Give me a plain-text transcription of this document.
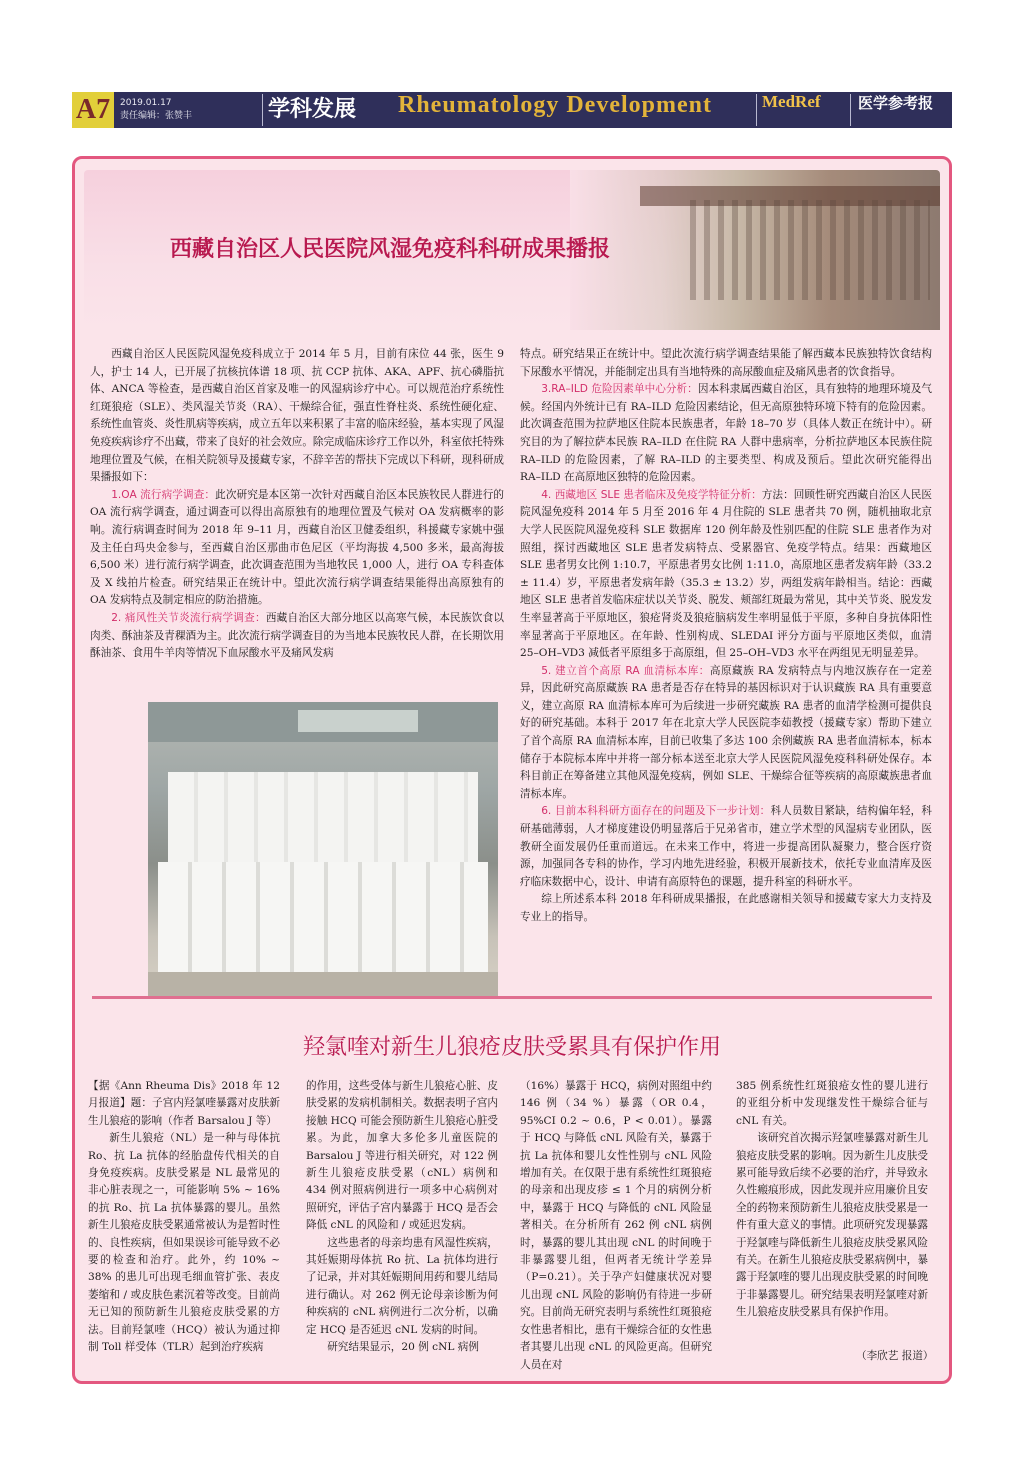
A7	2019.01.17
责任编辑：张赞丰	学科发展 Rheumatology Development	MedRef 医学参考报
西藏自治区人民医院风湿免疫科科研成果播报

西藏自治区人民医院风湿免疫科成立于 2014 年 5 月，目前有床位 44 张，医生 9 人，护士 14 人，已开展了抗核抗体谱 18 项、抗 CCP 抗体、AKA、APF、抗心磷脂抗体、ANCA 等检查，是西藏自治区首家及唯一的风湿病诊疗中心。可以规范治疗系统性红斑狼疮（SLE）、类风湿关节炎（RA）、干燥综合征，强直性脊柱炎、系统性硬化症、系统性血管炎、炎性肌病等疾病，成立五年以来积累了丰富的临床经验，基本实现了风湿免疫疾病诊疗不出藏，带来了良好的社会效应。除完成临床诊疗工作以外，科室依托特殊地理位置及气候，在相关院领导及援藏专家，不辞辛苦的帮扶下完成以下科研，现科研成果播报如下：

1.OA 流行病学调查：此次研究是本区第一次针对西藏自治区本民族牧民人群进行的 OA 流行病学调查，通过调查可以得出高原独有的地理位置及气候对 OA 发病概率的影响。流行病调查时间为 2018 年 9–11 月，西藏自治区卫健委组织，科援藏专家姚中强及主任白玛央金参与，至西藏自治区那曲市色尼区（平均海拔 4,500 多米，最高海拔 6,500 米）进行流行病学调查，此次调查范围为当地牧民 1,000 人，进行 OA 专科查体及 X 线拍片检查。研究结果正在统计中。望此次流行病学调查结果能得出高原独有的 OA 发病特点及制定相应的防治措施。

2. 痛风性关节炎流行病学调查：西藏自治区大部分地区以高寒气候，本民族饮食以肉类、酥油茶及青稞酒为主。此次流行病学调查目的为当地本民族牧民人群，在长期饮用酥油茶、食用牛羊肉等情况下血尿酸水平及痛风发病

特点。研究结果正在统计中。望此次流行病学调查结果能了解西藏本民族独特饮食结构下尿酸水平情况，并能制定出具有当地特殊的高尿酸血症及痛风患者的饮食指导。

3.RA–ILD 危险因素单中心分析：因本科隶属西藏自治区，具有独特的地理环境及气候。经国内外统计已有 RA–ILD 危险因素结论，但无高原独特环境下特有的危险因素。此次调查范围为拉萨地区住院本民族患者，年龄 18–70 岁（具体人数正在统计中）。研究目的为了解拉萨本民族 RA–ILD 在住院 RA 人群中患病率，分析拉萨地区本民族住院 RA–ILD 的危险因素，了解 RA–ILD 的主要类型、构成及预后。望此次研究能得出 RA–ILD 在高原地区独特的危险因素。

4. 西藏地区 SLE 患者临床及免疫学特征分析：方法：回顾性研究西藏自治区人民医院风湿免疫科 2014 年 5 月至 2016 年 4 月住院的 SLE 患者共 70 例，随机抽取北京大学人民医院风湿免疫科 SLE 数据库 120 例年龄及性别匹配的住院 SLE 患者作为对照组，探讨西藏地区 SLE 患者发病特点、受累器官、免疫学特点。结果：西藏地区 SLE 患者男女比例 1:10.7，平原患者男女比例 1:11.0，高原地区患者发病年龄（33.2 ± 11.4）岁，平原患者发病年龄（35.3 ± 13.2）岁，两组发病年龄相当。结论：西藏地区 SLE 患者首发临床症状以关节炎、脱发、颊部红斑最为常见，其中关节炎、脱发发生率显著高于平原地区，狼疮肾炎及狼疮脑病发生率明显低于平原，多种自身抗体阳性率显著高于平原地区。在年龄、性别构成、SLEDAI 评分方面与平原地区类似，血清 25–OH–VD3 减低者平原组多于高原组，但 25–OH–VD3 水平在两组见无明显差异。

5. 建立首个高原 RA 血清标本库：高原藏族 RA 发病特点与内地汉族存在一定差异，因此研究高原藏族 RA 患者是否存在特异的基因标识对于认识藏族 RA 具有重要意义，建立高原 RA 血清标本库可为后续进一步研究藏族 RA 患者的血清学检测可提供良好的研究基础。本科于 2017 年在北京大学人民医院李茹教授（援藏专家）帮助下建立了首个高原 RA 血清标本库，目前已收集了多达 100 余例藏族 RA 患者血清标本，标本储存于本院标本库中并将一部分标本送至北京大学人民医院风湿免疫科科研处保存。本科目前正在筹备建立其他风湿免疫病，例如 SLE、干燥综合征等疾病的高原藏族患者血清标本库。

6. 目前本科科研方面存在的问题及下一步计划：科人员数目紧缺，结构偏年轻，科研基础薄弱，人才梯度建设仍明显落后于兄弟省市，建立学术型的风湿病专业团队，医教研全面发展仍任重而道远。在未来工作中，将进一步提高团队凝聚力，整合医疗资源，加强同各专科的协作，学习内地先进经验，积极开展新技术，依托专业血清库及医疗临床数据中心，设计、申请有高原特色的课题，提升科室的科研水平。

综上所述系本科 2018 年科研成果播报，在此感谢相关领导和援藏专家大力支持及专业上的指导。

羟氯喹对新生儿狼疮皮肤受累具有保护作用

【据《Ann Rheuma Dis》2018 年 12 月报道】题：子宫内羟氯喹暴露对皮肤新生儿狼疮的影响（作者 Barsalou J 等）

新生儿狼疮（NL）是一种与母体抗 Ro、抗 La 抗体的经胎盘传代相关的自身免疫疾病。皮肤受累是 NL 最常见的非心脏表现之一，可能影响 5% ~ 16% 的抗 Ro、抗 La 抗体暴露的婴儿。虽然新生儿狼疮皮肤受累通常被认为是暂时性的、良性疾病，但如果误诊可能导致不必要的检查和治疗。此外，约 10% ~ 38% 的患儿可出现毛细血管扩张、表皮萎缩和 / 或皮肤色素沉着等改变。目前尚无已知的预防新生儿狼疮皮肤受累的方法。目前羟氯喹（HCQ）被认为通过抑制 Toll 样受体（TLR）起到治疗疾病

的作用，这些受体与新生儿狼疮心脏、皮肤受累的发病机制相关。数据表明子宫内接触 HCQ 可能会预防新生儿狼疮心脏受累。为此，加拿大多伦多儿童医院的 Barsalou J 等进行相关研究，对 122 例新生儿狼疮皮肤受累（cNL）病例和 434 例对照病例进行一项多中心病例对照研究，评估子宫内暴露于 HCQ 是否会降低 cNL 的风险和 / 或延迟发病。

这些患者的母亲均患有风湿性疾病，其妊娠期母体抗 Ro 抗、La 抗体均进行了记录，并对其妊娠期间用药和婴儿结局进行确认。对 262 例无论母亲诊断为何种疾病的 cNL 病例进行二次分析，以确定 HCQ 是否延迟 cNL 发病的时间。

研究结果显示，20 例 cNL 病例

（16%）暴露于 HCQ，病例对照组中约 146 例（34 %）暴露（OR 0.4，95%CI 0.2 ~ 0.6，P < 0.01）。暴露于 HCQ 与降低 cNL 风险有关，暴露于抗 La 抗体和婴儿女性性别与 cNL 风险增加有关。在仅限于患有系统性红斑狼疮的母亲和出现皮疹 ≤ 1 个月的病例分析中，暴露于 HCQ 与降低的 cNL 风险显著相关。在分析所有 262 例 cNL 病例时，暴露的婴儿其出现 cNL 的时间晚于非暴露婴儿组，但两者无统计学差异（P=0.21）。关于孕产妇健康状况对婴儿出现 cNL 风险的影响仍有待进一步研究。目前尚无研究表明与系统性红斑狼疮女性患者相比，患有干燥综合征的女性患者其婴儿出现 cNL 的风险更高。但研究人员在对

385 例系统性红斑狼疮女性的婴儿进行的亚组分析中发现继发性干燥综合征与 cNL 有关。

该研究首次揭示羟氯喹暴露对新生儿狼疮皮肤受累的影响。因为新生儿皮肤受累可能导致后续不必要的治疗，并导致永久性瘢痕形成，因此发现并应用廉价且安全的药物来预防新生儿狼疮皮肤受累是一件有重大意义的事情。此项研究发现暴露于羟氯喹与降低新生儿狼疮皮肤受累风险有关。在新生儿狼疮皮肤受累病例中，暴露于羟氯喹的婴儿出现皮肤受累的时间晚于非暴露婴儿。研究结果表明羟氯喹对新生儿狼疮皮肤受累具有保护作用。

（李欣艺 报道）
